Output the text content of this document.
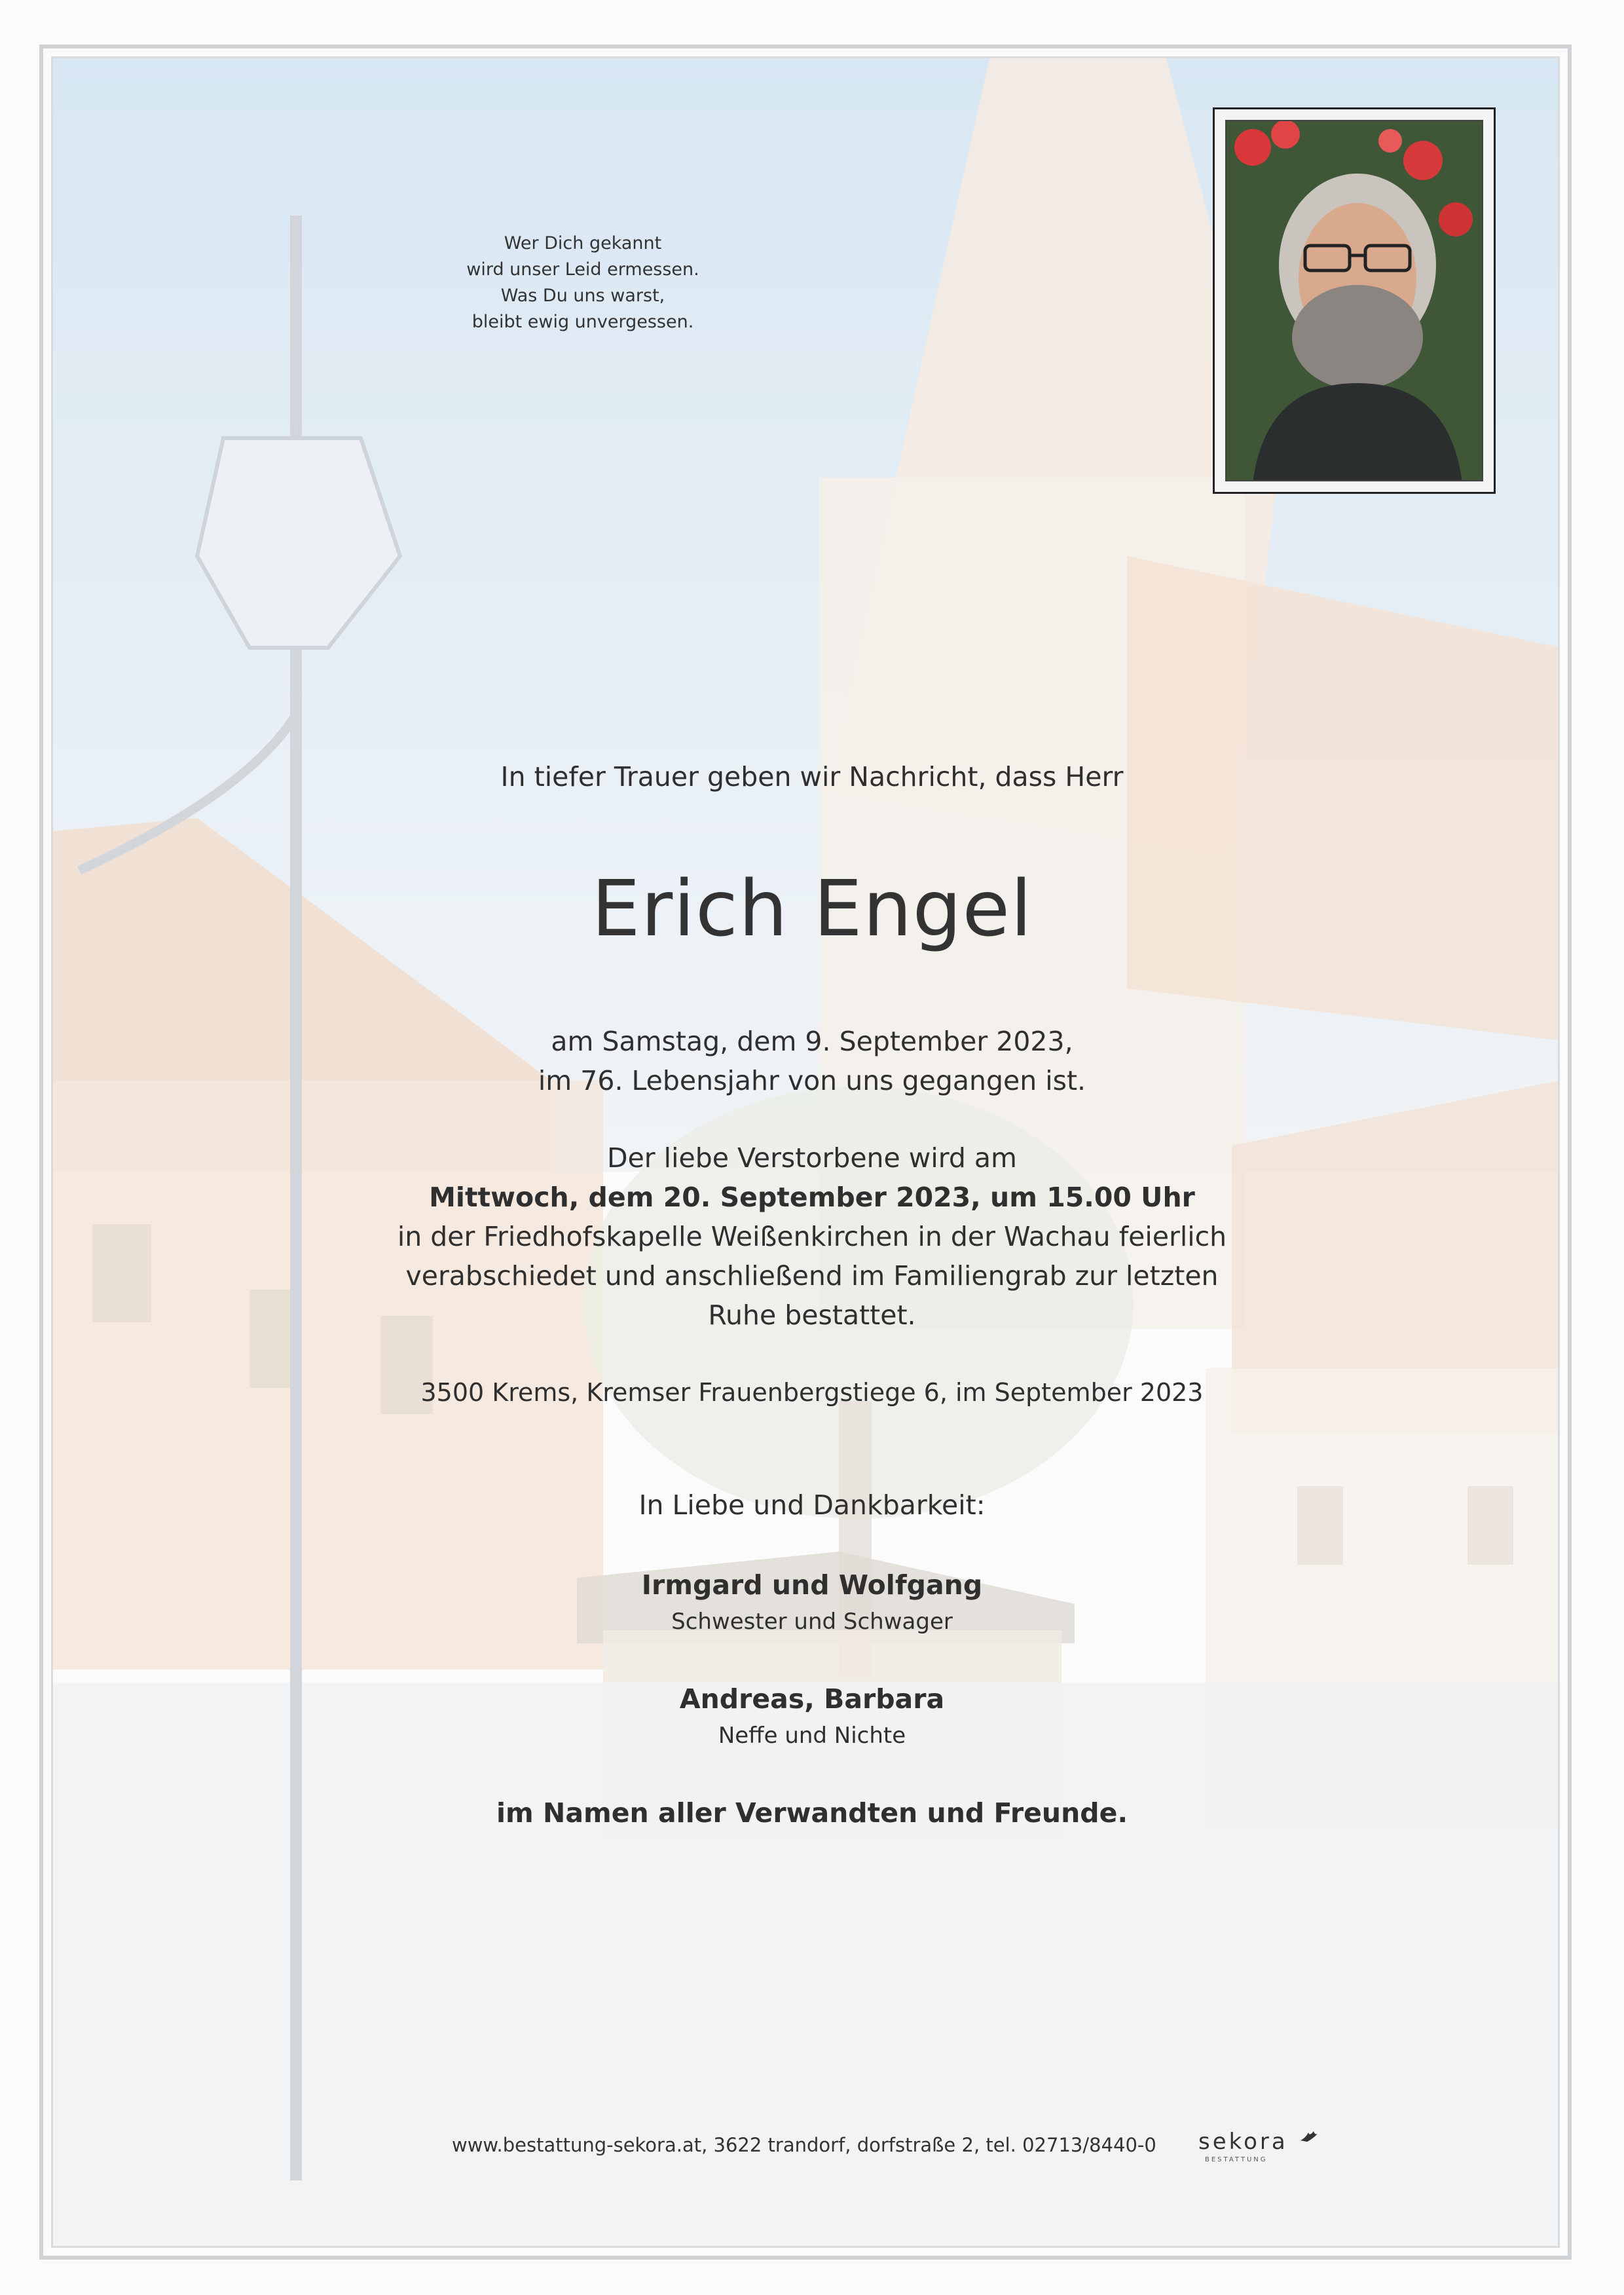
Wer Dich gekannt
wird unser Leid ermessen.
Was Du uns warst,
bleibt ewig unvergessen.
In tiefer Trauer geben wir Nachricht, dass Herr
Erich Engel
am Samstag, dem 9. September 2023,
im 76. Lebensjahr von uns gegangen ist.
Der liebe Verstorbene wird am
Mittwoch, dem 20. September 2023, um 15.00 Uhr
in der Friedhofskapelle Weißenkirchen in der Wachau feierlich
verabschiedet und anschließend im Familiengrab zur letzten
Ruhe bestattet.
3500 Krems, Kremser Frauenbergstiege 6, im September 2023
In Liebe und Dankbarkeit:
Irmgard und Wolfgang
Schwester und Schwager
Andreas, Barbara
Neffe und Nichte
im Namen aller Verwandten und Freunde.
www.bestattung-sekora.at, 3622 trandorf, dorfstraße 2, tel. 02713/8440-0 sekora
BESTATTUNG
